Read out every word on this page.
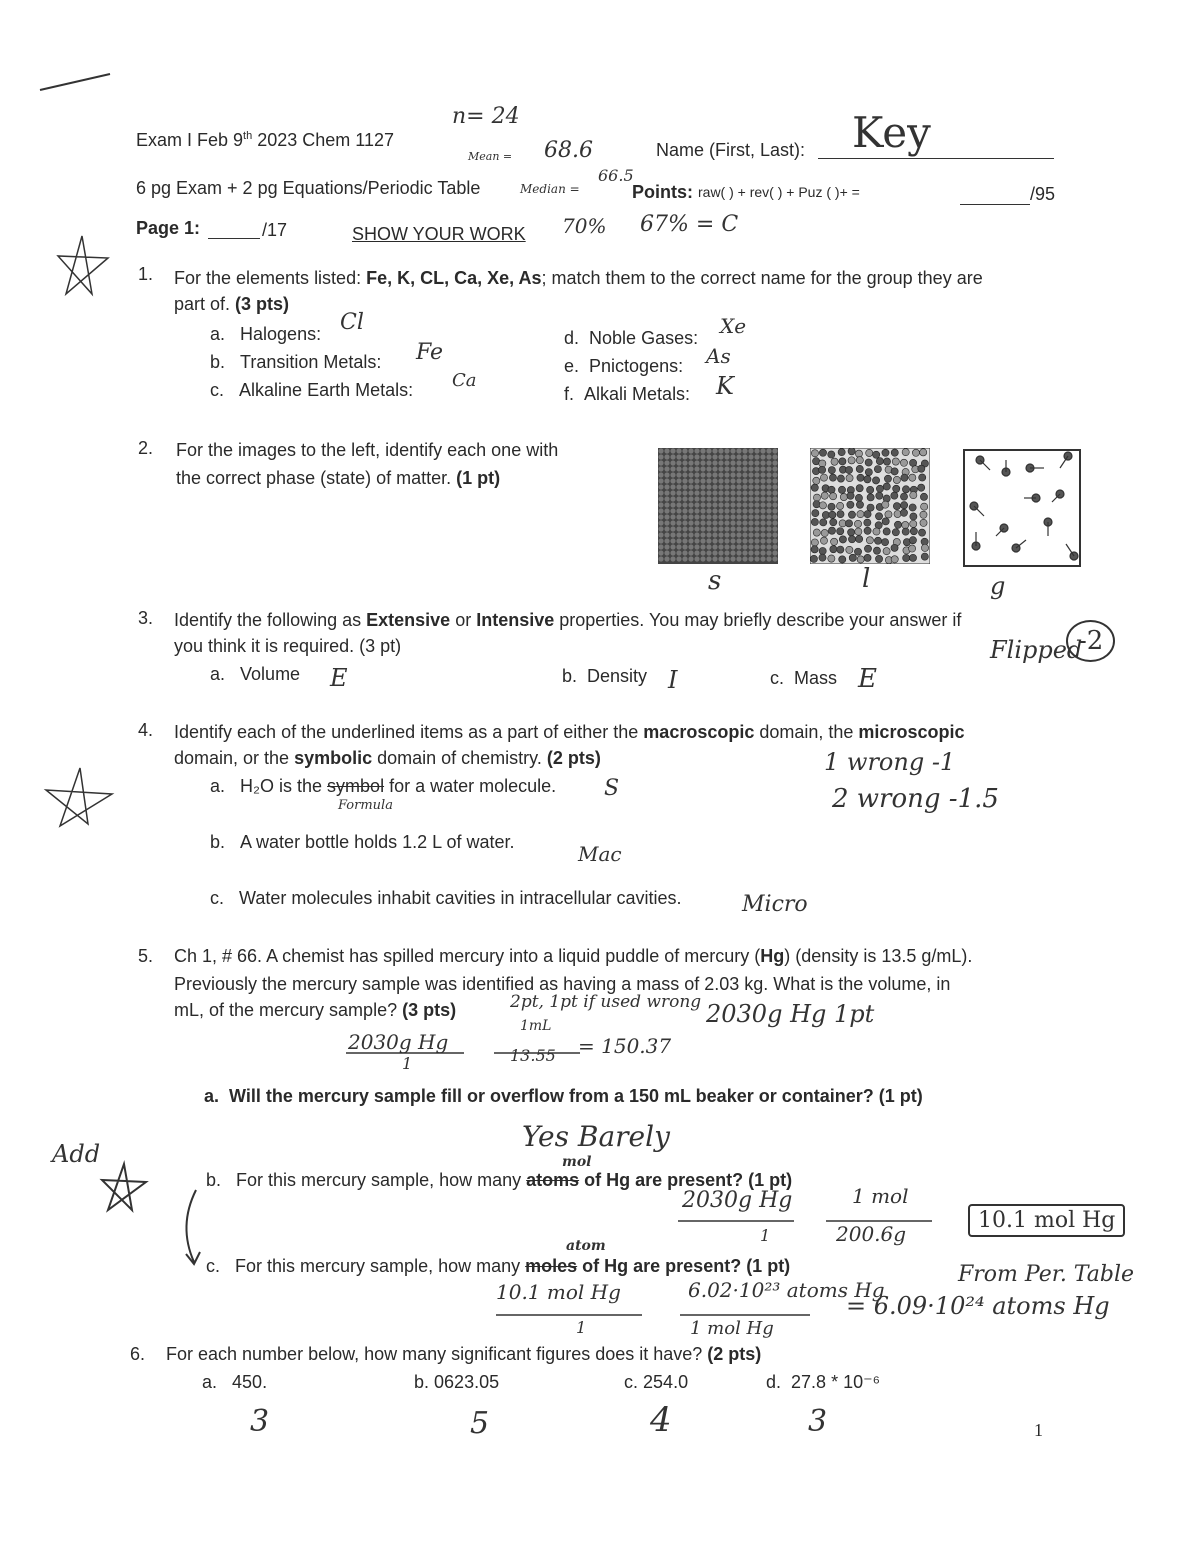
Exam I Feb 9th 2023 Chem 1127
n= 24
Mean = 68.6	Name (First, Last): Key
6 pg Exam + 2 pg Equations/Periodic Table	Median =
66.5
Points: raw( ) + rev( ) + Puz ( )+ =	/95
Page 1:	/17	SHOW YOUR WORK 70% 67% = C
1. For the elements listed: Fe, K, CL, Ca, Xe, As; match them to the correct name for the group they are
part of. (3 pts)
a. Halogens: Cl
b. Transition Metals: Fe
c. Alkaline Earth Metals: Ca
d. Noble Gases: Xe
e. Pnictogens: As
f. Alkali Metals: K
2. For the images to the left, identify each one with
the correct phase (state) of matter. (1 pt)
s	l	g
3. Identify the following as Extensive or Intensive properties. You may briefly describe your answer if
you think it is required. (3 pt)	Flipped
-2
a. Volume E	b. Density I	c. Mass E
4. Identify each of the underlined items as a part of either the macroscopic domain, the microscopic
domain, or the symbolic domain of chemistry. (2 pts)	1 wrong -1
2 wrong -1.5
a. H₂O is the symbol for a water molecule.
Formula
S
b. A water bottle holds 1.2 L of water.	Mac
c. Water molecules inhabit cavities in intracellular cavities.	Micro
5. Ch 1, # 66. A chemist has spilled mercury into a liquid puddle of mercury (Hg) (density is 13.5 g/mL).
Previously the mercury sample was identified as having a mass of 2.03 kg. What is the volume, in
mL, of the mercury sample? (3 pts)	2pt, 1pt if used wrong 2030g Hg 1pt
2030g Hg
1
1mL
13.55 = 150.37
a. Will the mercury sample fill or overflow from a 150 mL beaker or container? (1 pt)
Yes Barely
Add
b. For this mercury sample, how many atoms of Hg are present? (1 pt)
mol
2030g Hg
1
1 mol
200.6g
10.1 mol Hg
From Per. Table
c. For this mercury sample, how many moles of Hg are present? (1 pt)
atom
10.1 mol Hg
1
6.02·10²³ atoms Hg
1 mol Hg
= 6.09·10²⁴ atoms Hg
6. For each number below, how many significant figures does it have? (2 pts)
a. 450.	b. 0623.05	c. 254.0	d. 27.8 * 10⁻⁶
3	5	4	3	1
